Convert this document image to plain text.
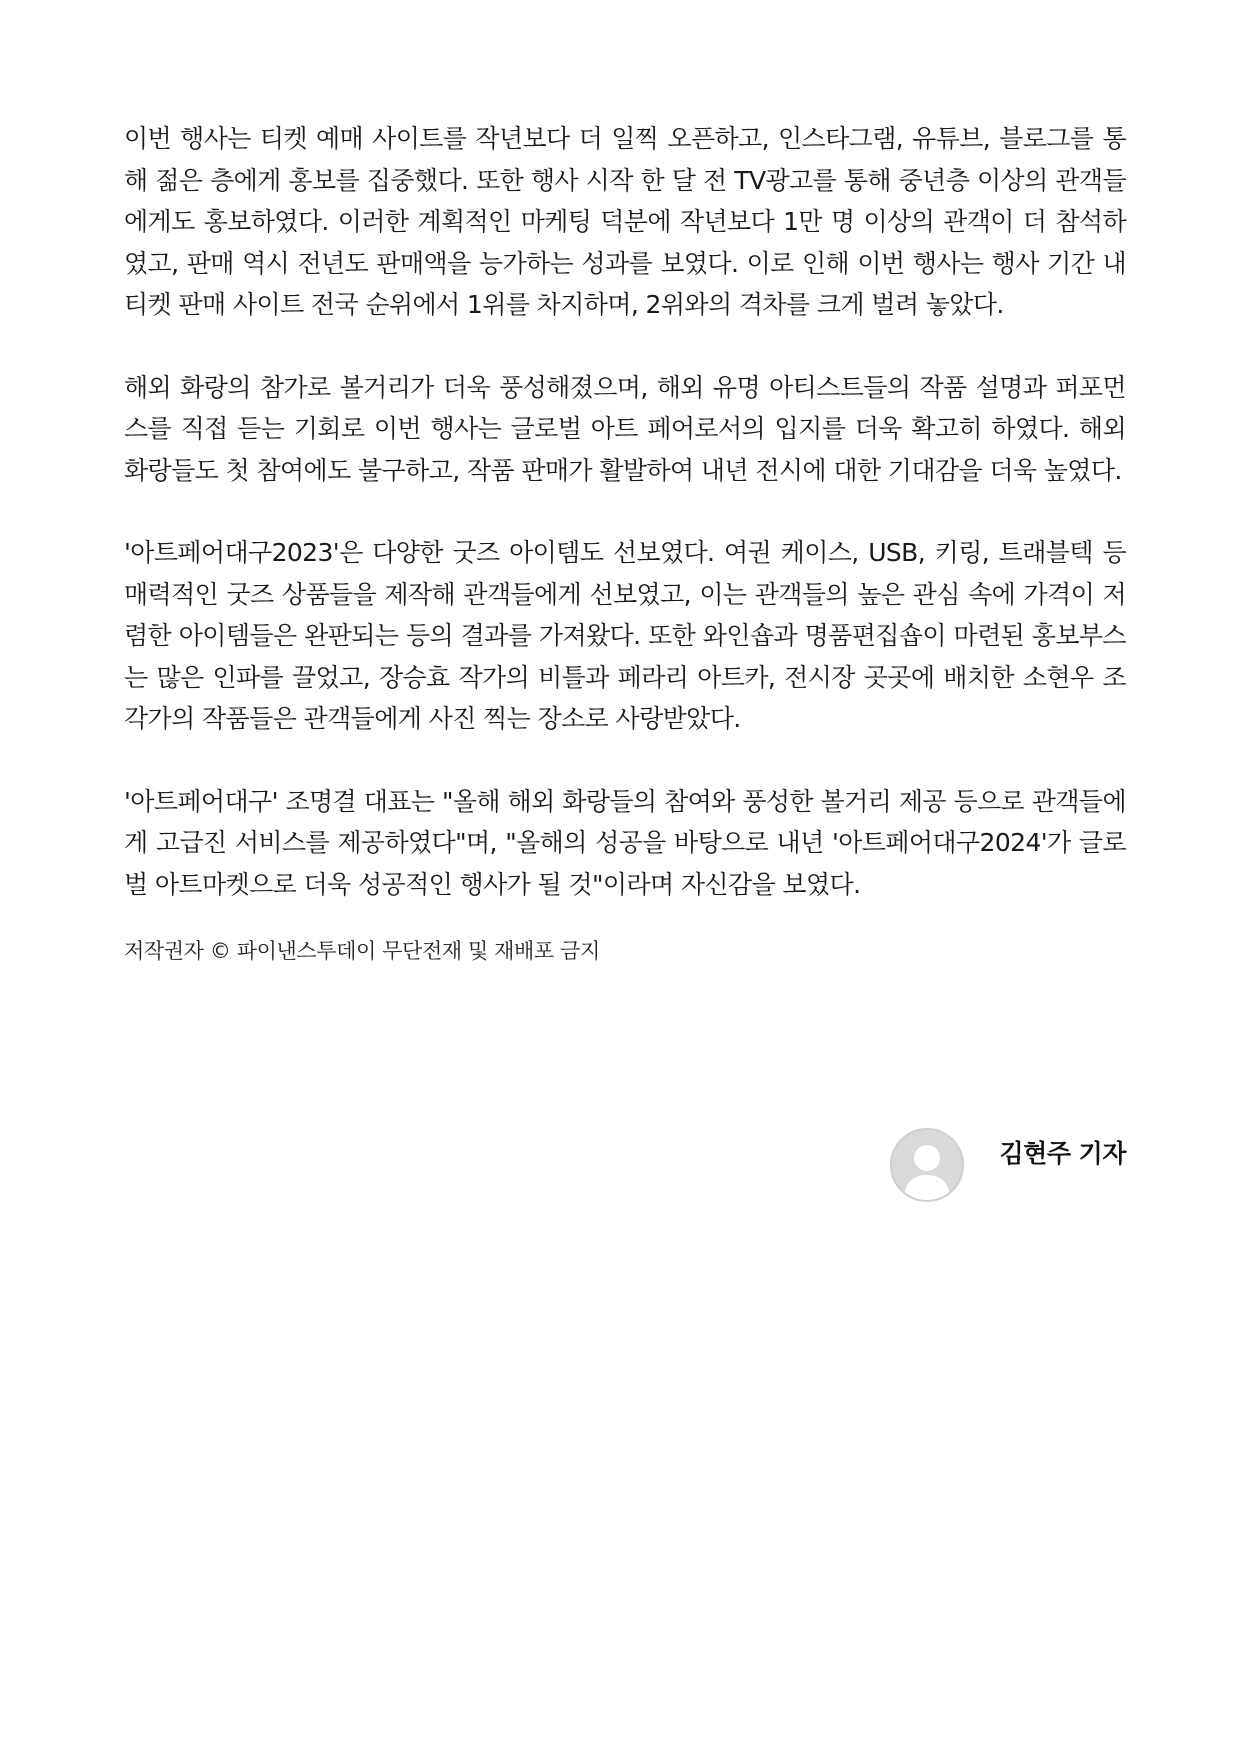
이번 행사는 티켓 예매 사이트를 작년보다 더 일찍 오픈하고, 인스타그램, 유튜브, 블로그를 통해 젊은 층에게 홍보를 집중했다. 또한 행사 시작 한 달 전 TV광고를 통해 중년층 이상의 관객들에게도 홍보하였다. 이러한 계획적인 마케팅 덕분에 작년보다 1만 명 이상의 관객이 더 참석하였고, 판매 역시 전년도 판매액을 능가하는 성과를 보였다. 이로 인해 이번 행사는 행사 기간 내 티켓 판매 사이트 전국 순위에서 1위를 차지하며, 2위와의 격차를 크게 벌려 놓았다.

해외 화랑의 참가로 볼거리가 더욱 풍성해졌으며, 해외 유명 아티스트들의 작품 설명과 퍼포먼스를 직접 듣는 기회로 이번 행사는 글로벌 아트 페어로서의 입지를 더욱 확고히 하였다. 해외 화랑들도 첫 참여에도 불구하고, 작품 판매가 활발하여 내년 전시에 대한 기대감을 더욱 높였다.

'아트페어대구2023'은 다양한 굿즈 아이템도 선보였다. 여권 케이스, USB, 키링, 트래블텍 등 매력적인 굿즈 상품들을 제작해 관객들에게 선보였고, 이는 관객들의 높은 관심 속에 가격이 저렴한 아이템들은 완판되는 등의 결과를 가져왔다. 또한 와인숍과 명품편집숍이 마련된 홍보부스는 많은 인파를 끌었고, 장승효 작가의 비틀과 페라리 아트카, 전시장 곳곳에 배치한 소현우 조각가의 작품들은 관객들에게 사진 찍는 장소로 사랑받았다.

'아트페어대구' 조명결 대표는 "올해 해외 화랑들의 참여와 풍성한 볼거리 제공 등으로 관객들에게 고급진 서비스를 제공하였다"며, "올해의 성공을 바탕으로 내년 '아트페어대구2024'가 글로벌 아트마켓으로 더욱 성공적인 행사가 될 것"이라며 자신감을 보였다.

저작권자 © 파이낸스투데이 무단전재 및 재배포 금지
김현주 기자
